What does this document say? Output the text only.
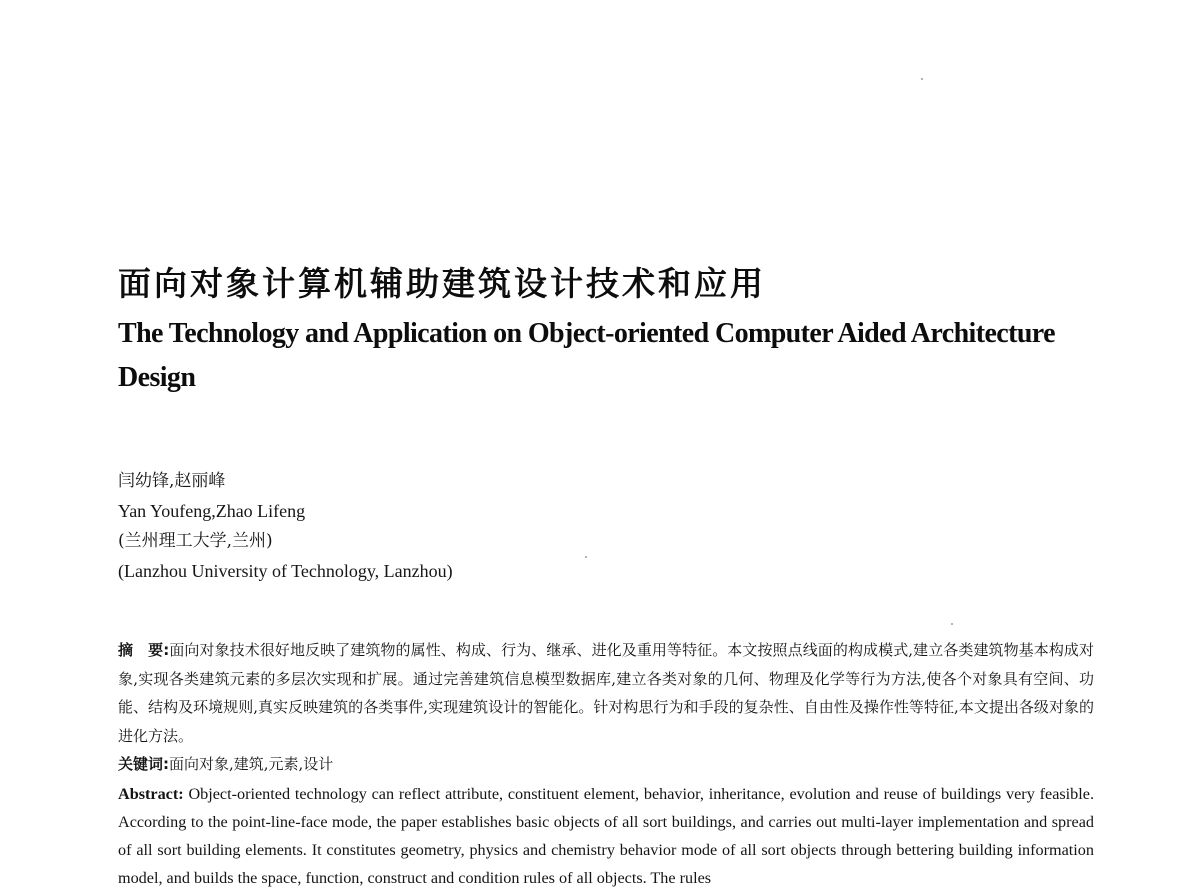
面向对象计算机辅助建筑设计技术和应用
The Technology and Application on Object-oriented Computer Aided Architecture Design
闫幼锋,赵丽峰
Yan Youfeng,Zhao Lifeng
(兰州理工大学,兰州)
(Lanzhou University of Technology, Lanzhou)

摘　要:面向对象技术很好地反映了建筑物的属性、构成、行为、继承、进化及重用等特征。本文按照点线面的构成模式,建立各类建筑物基本构成对象,实现各类建筑元素的多层次实现和扩展。通过完善建筑信息模型数据库,建立各类对象的几何、物理及化学等行为方法,使各个对象具有空间、功能、结构及环境规则,真实反映建筑的各类事件,实现建筑设计的智能化。针对构思行为和手段的复杂性、自由性及操作性等特征,本文提出各级对象的进化方法。

关键词:面向对象,建筑,元素,设计

Abstract: Object-oriented technology can reflect attribute, constituent element, behavior, inheritance, evolution and reuse of buildings very feasible. According to the point-line-face mode, the paper establishes basic objects of all sort buildings, and carries out multi-layer implementation and spread of all sort building elements. It constitutes geometry, physics and chemistry behavior mode of all sort objects through bettering building information model, and builds the space, function, construct and condition rules of all objects. The rules
